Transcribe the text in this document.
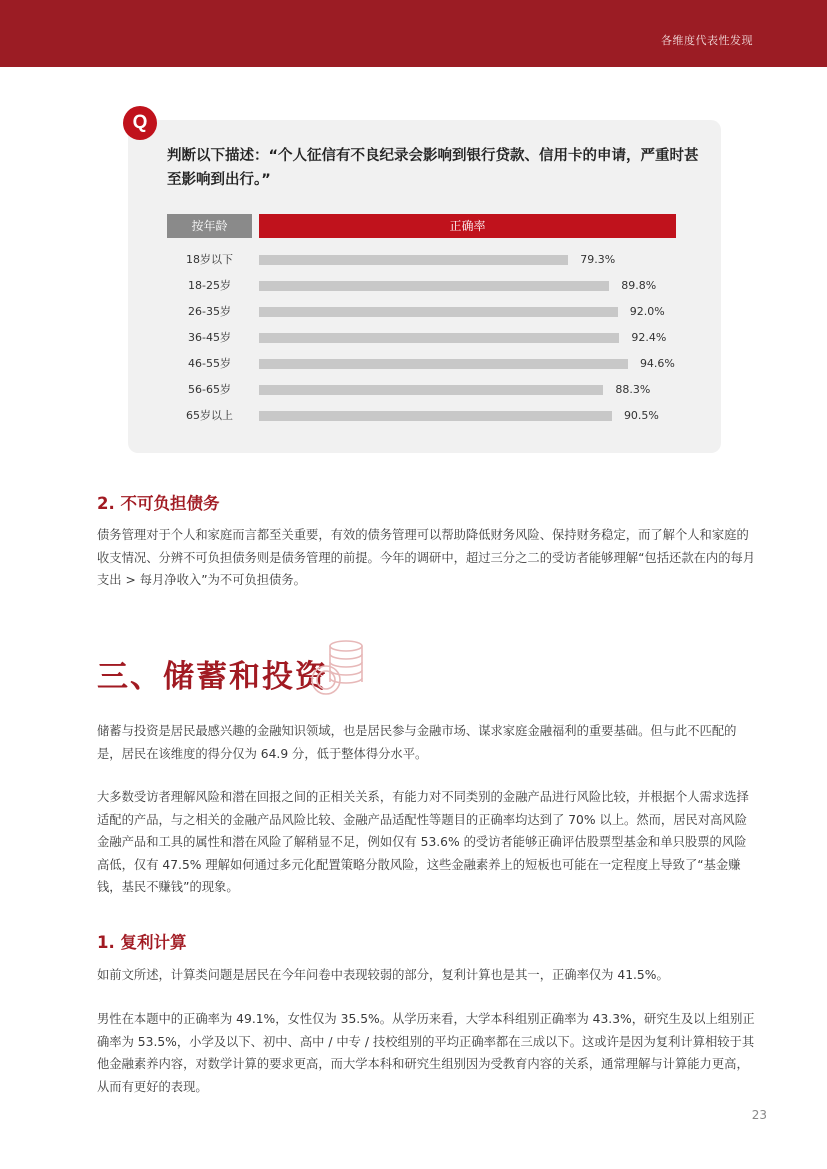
各维度代表性发现
Q
判断以下描述：“个人征信有不良纪录会影响到银行贷款、信用卡的申请，严重时甚至影响到出行。”
按年龄	正确率
18岁以下	79.3%
18-25岁	89.8%
26-35岁	92.0%
36-45岁	92.4%
46-55岁	94.6%
56-65岁	88.3%
65岁以上	90.5%
2. 不可负担债务

债务管理对于个人和家庭而言都至关重要，有效的债务管理可以帮助降低财务风险、保持财务稳定，而了解个人和家庭的收支情况、分辨不可负担债务则是债务管理的前提。今年的调研中，超过三分之二的受访者能够理解“包括还款在内的每月支出 > 每月净收入”为不可负担债务。

三、储蓄和投资

储蓄与投资是居民最感兴趣的金融知识领域，也是居民参与金融市场、谋求家庭金融福利的重要基础。但与此不匹配的是，居民在该维度的得分仅为 64.9 分，低于整体得分水平。

大多数受访者理解风险和潜在回报之间的正相关关系，有能力对不同类别的金融产品进行风险比较，并根据个人需求选择适配的产品，与之相关的金融产品风险比较、金融产品适配性等题目的正确率均达到了 70% 以上。然而，居民对高风险金融产品和工具的属性和潜在风险了解稍显不足，例如仅有 53.6% 的受访者能够正确评估股票型基金和单只股票的风险高低，仅有 47.5% 理解如何通过多元化配置策略分散风险，这些金融素养上的短板也可能在一定程度上导致了“基金赚钱，基民不赚钱”的现象。

1. 复利计算

如前文所述，计算类问题是居民在今年问卷中表现较弱的部分，复利计算也是其一，正确率仅为 41.5%。

男性在本题中的正确率为 49.1%，女性仅为 35.5%。从学历来看，大学本科组别正确率为 43.3%，研究生及以上组别正确率为 53.5%，小学及以下、初中、高中 / 中专 / 技校组别的平均正确率都在三成以下。这或许是因为复利计算相较于其他金融素养内容，对数学计算的要求更高，而大学本科和研究生组别因为受教育内容的关系，通常理解与计算能力更高，从而有更好的表现。

23
